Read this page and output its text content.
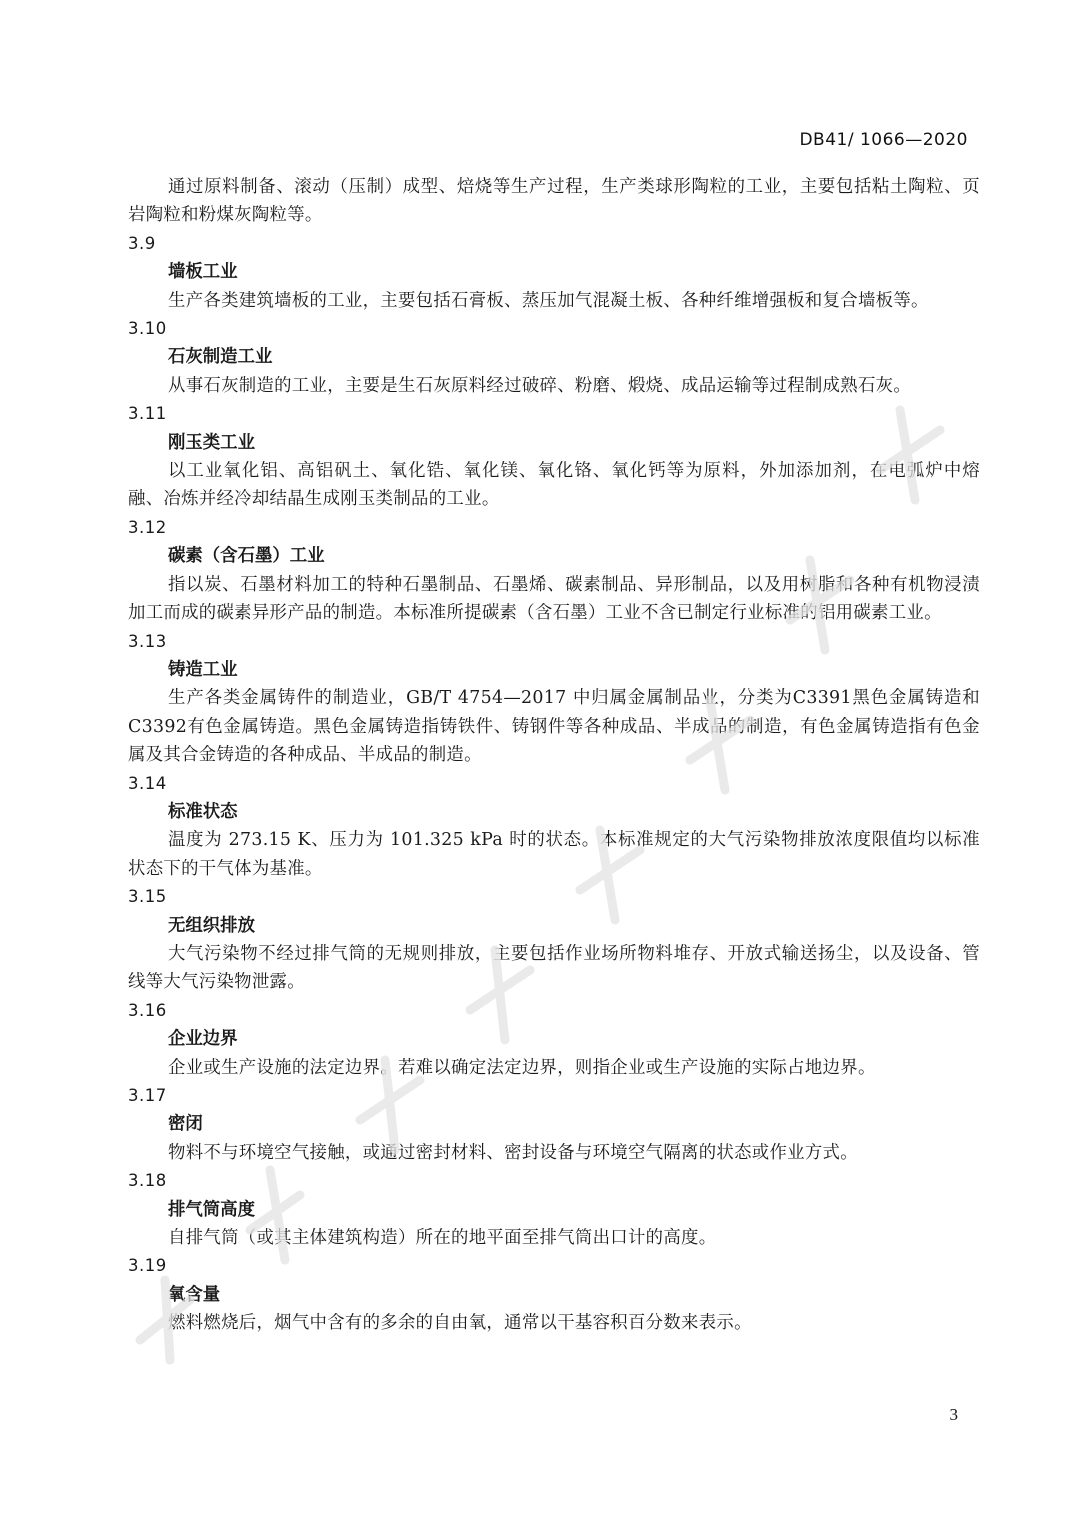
DB41/ 1066—2020

通过原料制备、滚动（压制）成型、焙烧等生产过程，生产类球形陶粒的工业，主要包括粘土陶粒、页岩陶粒和粉煤灰陶粒等。

3.9

墙板工业

生产各类建筑墙板的工业，主要包括石膏板、蒸压加气混凝土板、各种纤维增强板和复合墙板等。

3.10

石灰制造工业

从事石灰制造的工业，主要是生石灰原料经过破碎、粉磨、煅烧、成品运输等过程制成熟石灰。

3.11

刚玉类工业

以工业氧化铝、高铝矾土、氧化锆、氧化镁、氧化铬、氧化钙等为原料，外加添加剂，在电弧炉中熔融、冶炼并经冷却结晶生成刚玉类制品的工业。

3.12

碳素（含石墨）工业

指以炭、石墨材料加工的特种石墨制品、石墨烯、碳素制品、异形制品，以及用树脂和各种有机物浸渍加工而成的碳素异形产品的制造。本标准所提碳素（含石墨）工业不含已制定行业标准的铝用碳素工业。

3.13

铸造工业

生产各类金属铸件的制造业，GB/T 4754—2017 中归属金属制品业，分类为C3391黑色金属铸造和C3392有色金属铸造。黑色金属铸造指铸铁件、铸钢件等各种成品、半成品的制造，有色金属铸造指有色金属及其合金铸造的各种成品、半成品的制造。

3.14

标准状态

温度为 273.15 K、压力为 101.325 kPa 时的状态。本标准规定的大气污染物排放浓度限值均以标准状态下的干气体为基准。

3.15

无组织排放

大气污染物不经过排气筒的无规则排放，主要包括作业场所物料堆存、开放式输送扬尘，以及设备、管线等大气污染物泄露。

3.16

企业边界

企业或生产设施的法定边界。若难以确定法定边界，则指企业或生产设施的实际占地边界。

3.17

密闭

物料不与环境空气接触，或通过密封材料、密封设备与环境空气隔离的状态或作业方式。

3.18

排气筒高度

自排气筒（或其主体建筑构造）所在的地平面至排气筒出口计的高度。

3.19

氧含量

燃料燃烧后，烟气中含有的多余的自由氧，通常以干基容积百分数来表示。

3
